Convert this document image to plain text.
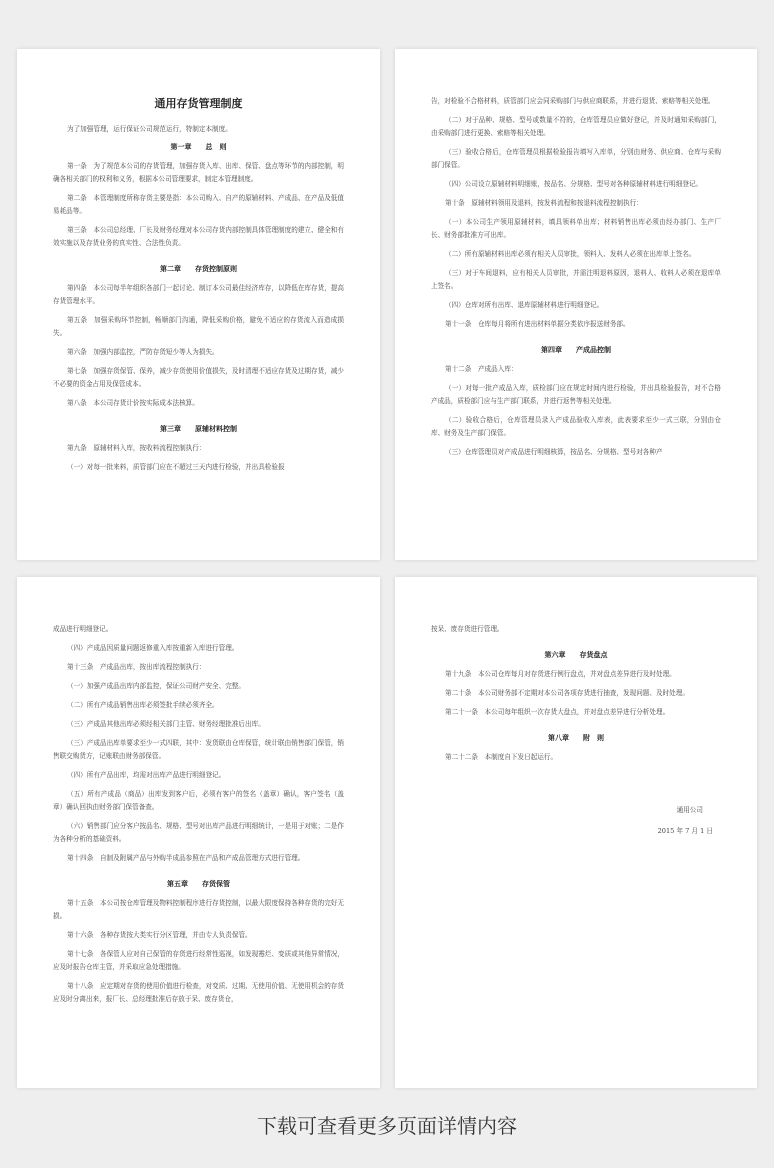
通用存货管理制度

为了加强管理，运行保证公司规范运行，特制定本制度。

第一章　　总　则

第一条　为了规范本公司的存货管理，加强存货入库、出库、保管、盘点等环节的内部控制，明确各相关部门的权利和义务，根据本公司管理要求，制定本管理制度。

第二条　本管理制度所称存货主要是指：本公司购入、自产的原辅材料、产成品、在产品及低值易耗品等。

第三条　本公司总经理、厂长及财务经理对本公司存货内部控制具体管理制度的建立、健全和有效实施以及存货业务的真实性、合法性负责。

第二章　　存货控制原则

第四条　本公司每半年组织各部门一起讨论、制订本公司最佳经济库存，以降低在库存货，提高存货管理水平。

第五条　加强采购环节控制，畅顺部门沟通，降低采购价格，避免不适应的存货流入而造成损失。

第六条　加强内部监控，严防存货短少等人为损失。

第七条　加强存货保管、保养，减少存货使用价值损失，及时清理不适应存货及过期存货，减少不必要的资金占用及保管成本。

第八条　本公司存货计价按实际成本法核算。

第三章　　原辅材料控制

第九条　原辅材料入库，按收料流程控制执行：

（一）对每一批来料，质管部门应在不超过三天内进行检验，并出具检验报

告，对检验不合格材料，质管部门应会同采购部门与供应商联系，并进行退货、索赔等相关处理。

（二）对于品种、规格、型号或数量不符的，仓库管理员应做好登记，并及时通知采购部门，由采购部门进行更换、索赔等相关处理。

（三）验收合格后，仓库管理员根据检验报告填写入库单，分别由财务、供应商、仓库与采购部门保管。

（四）公司设立原辅材料明细账，按品名、分规格、型号对各种原辅材料进行明细登记。

第十条　原辅材料领用及退料，按发料流程和按退料流程控制执行：

（一）本公司生产领用原辅材料，填具领料单出库；材料销售出库必须由经办部门、生产厂长、财务部批准方可出库。

（二）所有原辅材料出库必须有相关人员审批，领料人、发料人必须在出库单上签名。

（三）对于车间退料，应有相关人员审批，并需注明退料原因，退料人、收料人必须在退库单上签名。

（四）仓库对所有出库、退库原辅材料进行明细登记。

第十一条　仓库每月将所有进出材料单据分类依序报送财务部。

第四章　　产成品控制

第十二条　产成品入库：

（一）对每一批产成品入库，质检部门应在规定时间内进行检验，并出具检验报告，对不合格产成品，质检部门应与生产部门联系，并进行返售等相关处理。

（二）验收合格后，仓库管理员录入产成品验收入库表，此表要求至少一式三联，分别由仓库、财务及生产部门保管。

（三）仓库管理员对产成品进行明细核算，按品名、分规格、型号对各种产

成品进行明细登记。

（四）产成品因质量问题返修重入库按重新入库进行管理。

第十三条　产成品出库，按出库流程控制执行：

（一）加强产成品出库内部监控，保证公司财产安全、完整。

（二）所有产成品销售出库必须签批手续必须齐全。

（三）产成品其他出库必须经相关部门主管、财务经理批准后出库。

（三）产成品出库单要求至少一式四联，其中：发货联由仓库保管，统计联由销售部门保管，销售联交购货方，记账联由财务部保管。

（四）所有产品出库，均需对出库产品进行明细登记。

（五）所有产成品（商品）出库发到客户后，必须有客户的签名（盖章）确认，客户签名（盖章）确认回执由财务部门保管备查。

（六）销售部门应分客户按品名、规格、型号对出库产品进行明细统计，一是用于对账；二是作为各种分析的基础资料。

第十四条　自制及附属产品与外购半成品参照在产品和产成品管理方式进行管理。

第五章　　存货保管

第十五条　本公司按仓库管理及物料控制程序进行存货控制，以最大限度保持各种存货的完好无损。

第十六条　各种存货按大类实行分区管理，并由专人负责保管。

第十七条　各保管人应对自己保管的存货进行经常性巡视，如发现霉烂、变质或其他异常情况，应及时报告仓库主管，并采取应急处理措施。

第十八条　应定期对存货的使用价值进行检查，对变质、过期、无使用价值、无使用机会的存货应及时分离出来，报厂长、总经理批准后存放于呆、废存货仓，

按呆、废存货进行管理。

第六章　　存货盘点

第十九条　本公司仓库每月对存货进行例行盘点，并对盘点差异进行及时处理。

第二十条　本公司财务部不定期对本公司各项存货进行抽查，发现问题、及时处理。

第二十一条　本公司每年组织一次存货大盘点，并对盘点差异进行分析处理。

第八章　　附　则

第二十二条　本制度自下发日起运行。

通用公司

2015 年 7 月 1 日

下载可查看更多页面详情内容
